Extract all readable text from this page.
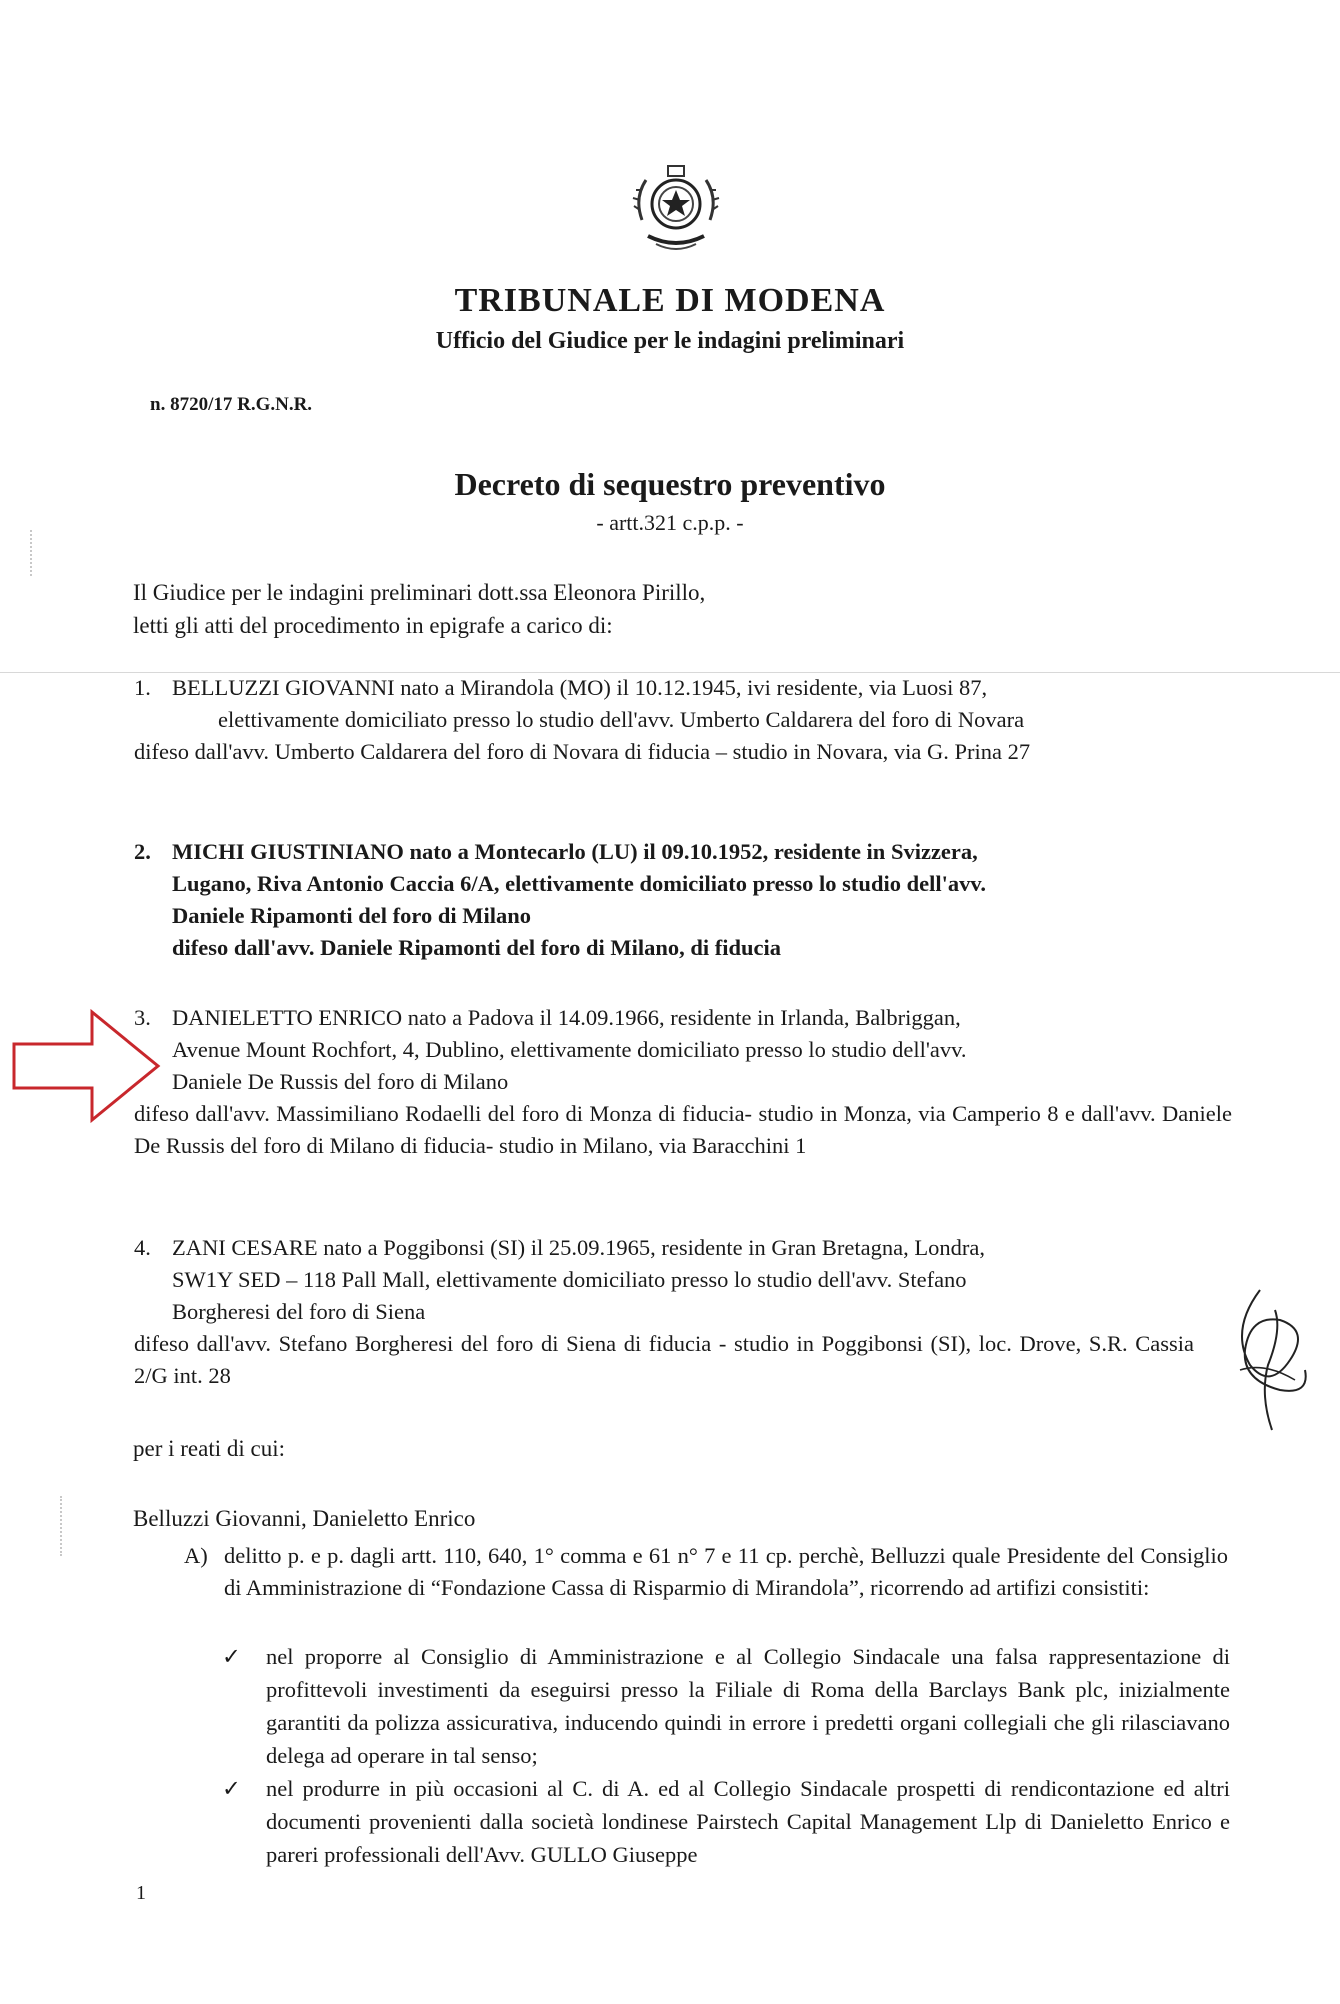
TRIBUNALE DI MODENA
Ufficio del Giudice per le indagini preliminari
n. 8720/17 R.G.N.R.
Decreto di sequestro preventivo
- artt.321 c.p.p. -
Il Giudice per le indagini preliminari dott.ssa Eleonora Pirillo,
letti gli atti del procedimento in epigrafe a carico di:
1. BELLUZZI GIOVANNI nato a Mirandola (MO) il 10.12.1945, ivi residente, via Luosi 87,
elettivamente domiciliato presso lo studio dell'avv. Umberto Caldarera del foro di Novara
difeso dall'avv. Umberto Caldarera del foro di Novara di fiducia – studio in Novara, via G. Prina 27
2. MICHI GIUSTINIANO nato a Montecarlo (LU) il 09.10.1952, residente in Svizzera,
Lugano, Riva Antonio Caccia 6/A, elettivamente domiciliato presso lo studio dell'avv.
Daniele Ripamonti del foro di Milano
difeso dall'avv. Daniele Ripamonti del foro di Milano, di fiducia
3. DANIELETTO ENRICO nato a Padova il 14.09.1966, residente in Irlanda, Balbriggan,
Avenue Mount Rochfort, 4, Dublino, elettivamente domiciliato presso lo studio dell'avv.
Daniele De Russis del foro di Milano
difeso dall'avv. Massimiliano Rodaelli del foro di Monza di fiducia- studio in Monza, via Camperio 8 e dall'avv. Daniele De Russis del foro di Milano di fiducia- studio in Milano, via Baracchini 1
4. ZANI CESARE nato a Poggibonsi (SI) il 25.09.1965, residente in Gran Bretagna, Londra,
SW1Y SED – 118 Pall Mall, elettivamente domiciliato presso lo studio dell'avv. Stefano
Borgheresi del foro di Siena
difeso dall'avv. Stefano Borgheresi del foro di Siena di fiducia - studio in Poggibonsi (SI), loc. Drove, S.R. Cassia 2/G int. 28
per i reati di cui:
Belluzzi Giovanni, Danieletto Enrico
A) delitto p. e p. dagli artt. 110, 640, 1° comma e 61 n° 7 e 11 cp. perchè, Belluzzi quale Presidente del Consiglio di Amministrazione di “Fondazione Cassa di Risparmio di Mirandola”, ricorrendo ad artifizi consistiti:
✓ nel proporre al Consiglio di Amministrazione e al Collegio Sindacale una falsa rappresentazione di profittevoli investimenti da eseguirsi presso la Filiale di Roma della Barclays Bank plc, inizialmente garantiti da polizza assicurativa, inducendo quindi in errore i predetti organi collegiali che gli rilasciavano delega ad operare in tal senso;
✓ nel produrre in più occasioni al C. di A. ed al Collegio Sindacale prospetti di rendicontazione ed altri documenti provenienti dalla società londinese Pairstech Capital Management Llp di Danieletto Enrico e pareri professionali dell'Avv. GULLO Giuseppe
1
